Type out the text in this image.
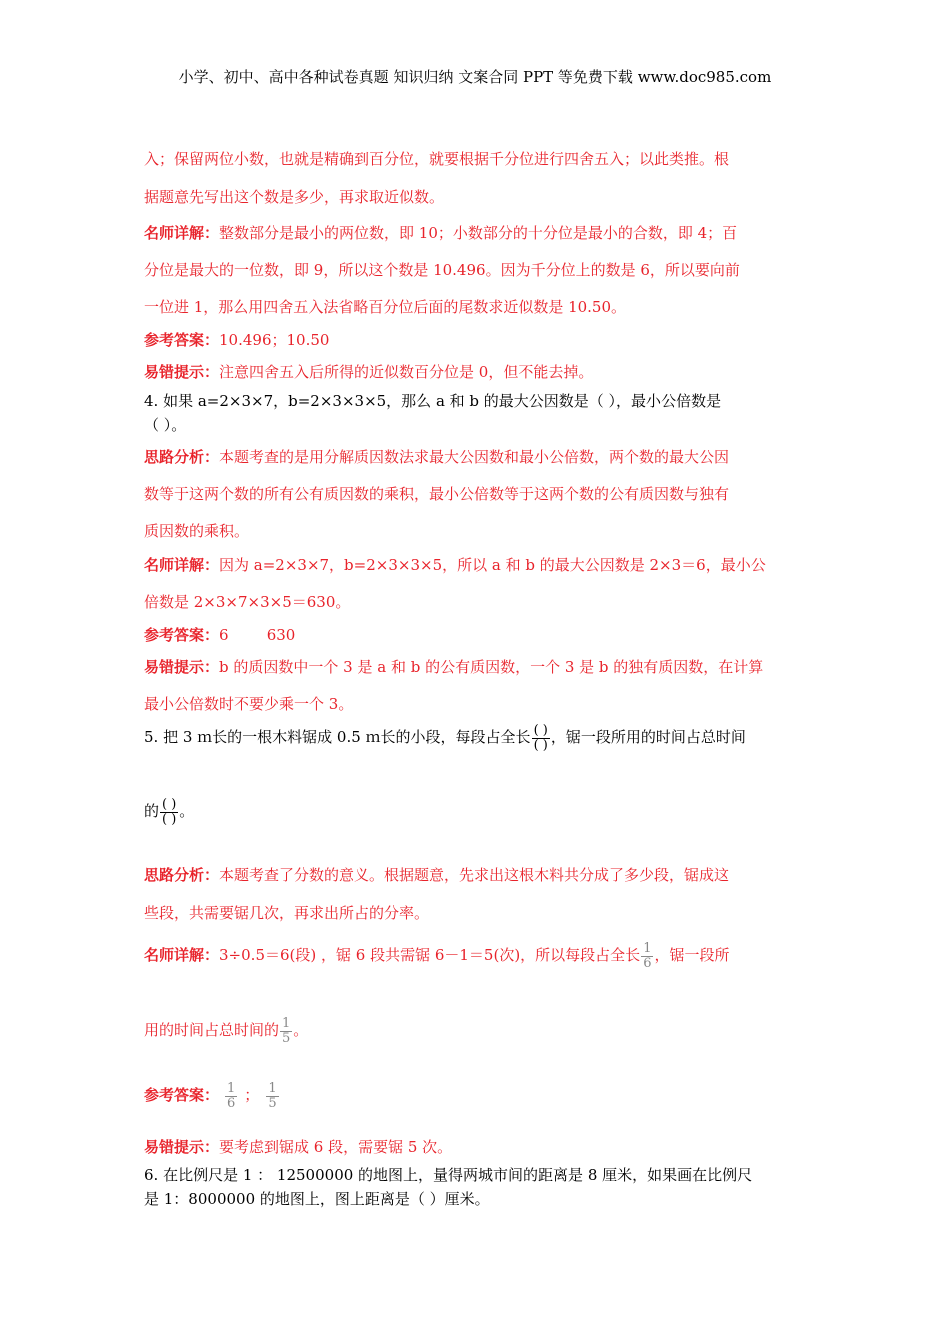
小学、初中、高中各种试卷真题 知识归纳 文案合同 PPT 等免费下载 www.doc985.com
入；保留两位小数，也就是精确到百分位，就要根据千分位进行四舍五入；以此类推。根
据题意先写出这个数是多少，再求取近似数。
名师详解：整数部分是最小的两位数，即 10；小数部分的十分位是最小的合数，即 4；百
分位是最大的一位数，即 9，所以这个数是 10.496。因为千分位上的数是 6，所以要向前
一位进 1，那么用四舍五入法省略百分位后面的尾数求近似数是 10.50。
参考答案：10.496；10.50
易错提示：注意四舍五入后所得的近似数百分位是 0，但不能去掉。
4. 如果 a=2×3×7，b=2×3×3×5，那么 a 和 b 的最大公因数是（ ），最小公倍数是
（ ）。
思路分析：本题考查的是用分解质因数法求最大公因数和最小公倍数，两个数的最大公因
数等于这两个数的所有公有质因数的乘积，最小公倍数等于这两个数的公有质因数与独有
质因数的乘积。
名师详解：因为 a=2×3×7，b=2×3×3×5，所以 a 和 b 的最大公因数是 2×3＝6，最小公
倍数是 2×3×7×3×5＝630。
参考答案：6        630
易错提示：b 的质因数中一个 3 是 a 和 b 的公有质因数，一个 3 是 b 的独有质因数，在计算
最小公倍数时不要少乘一个 3。
5. 把 3 ｍ长的一根木料锯成 0.5 ｍ长的小段，每段占全长 $\frac{( )}{( )}$ ，锯一段所用的时间占总时间
的 $\frac{( )}{( )}$ 。
思路分析：本题考查了分数的意义。根据题意，先求出这根木料共分成了多少段，锯成这
些段，共需要锯几次，再求出所占的分率。
名师详解：3÷0.5＝6(段) ，锯 6 段共需锯 6－1＝5(次)，所以每段占全长 $\frac{1}{6}$ ，锯一段所
用的时间占总时间的 $\frac{1}{5}$ 。
参考答案： $\frac{1}{6}$ ； $\frac{1}{5}$
易错提示：要考虑到锯成 6 段，需要锯 5 次。
6. 在比例尺是 1 ： 12500000 的地图上，量得两城市间的距离是 8 厘米，如果画在比例尺
是 1：8000000 的地图上，图上距离是（ ）厘米。
